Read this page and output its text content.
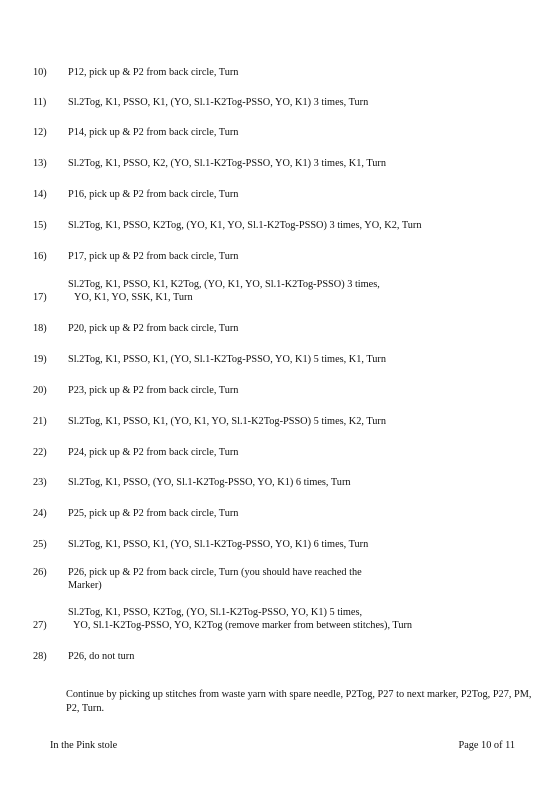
10)	P12, pick up & P2 from back circle, Turn
11)	Sl.2Tog, K1, PSSO, K1, (YO, Sl.1-K2Tog-PSSO, YO, K1) 3 times, Turn
12)	P14, pick up & P2 from back circle, Turn
13)	Sl.2Tog, K1, PSSO, K2, (YO, Sl.1-K2Tog-PSSO, YO, K1) 3 times, K1, Turn
14)	P16, pick up & P2 from back circle, Turn
15)	Sl.2Tog, K1, PSSO, K2Tog, (YO, K1, YO, Sl.1-K2Tog-PSSO) 3 times, YO, K2, Turn
16)	P17, pick up & P2 from back circle, Turn
17)
Sl.2Tog, K1, PSSO, K1, K2Tog, (YO, K1, YO, Sl.1-K2Tog-PSSO) 3 times,
YO, K1, YO, SSK, K1, Turn
18)	P20, pick up & P2 from back circle, Turn
19)	Sl.2Tog, K1, PSSO, K1, (YO, Sl.1-K2Tog-PSSO, YO, K1) 5 times, K1, Turn
20)	P23, pick up & P2 from back circle, Turn
21)	Sl.2Tog, K1, PSSO, K1, (YO, K1, YO, Sl.1-K2Tog-PSSO) 5 times, K2, Turn
22)	P24, pick up & P2 from back circle, Turn
23)	Sl.2Tog, K1, PSSO, (YO, Sl.1-K2Tog-PSSO, YO, K1) 6 times, Turn
24)	P25, pick up & P2 from back circle, Turn
25)	Sl.2Tog, K1, PSSO, K1, (YO, Sl.1-K2Tog-PSSO, YO, K1) 6 times, Turn
26)	P26, pick up & P2 from back circle, Turn (you should have reached the
Marker)
27)
Sl.2Tog, K1, PSSO, K2Tog, (YO, Sl.1-K2Tog-PSSO, YO, K1) 5 times,
YO, Sl.1-K2Tog-PSSO, YO, K2Tog (remove marker from between stitches), Turn
28)	P26, do not turn
Continue by picking up stitches from waste yarn with spare needle, P2Tog, P27 to next marker, P2Tog, P27, PM, P2, Turn.
In the Pink stole	Page 10 of 11
